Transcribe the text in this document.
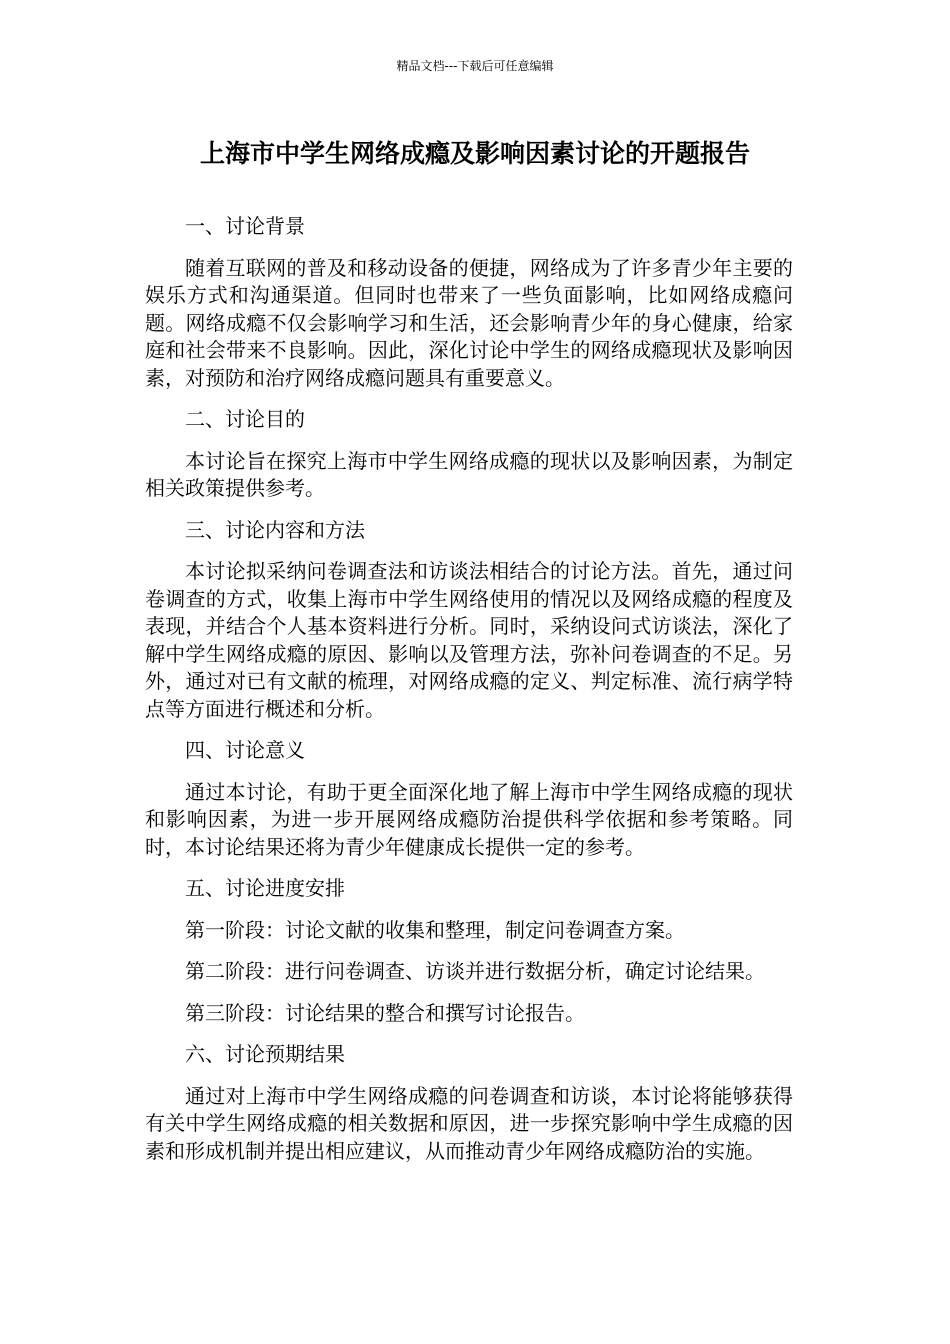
精品文档---下载后可任意编辑
上海市中学生网络成瘾及影响因素讨论的开题报告

一、讨论背景

随着互联网的普及和移动设备的便捷，网络成为了许多青少年主要的娱乐方式和沟通渠道。但同时也带来了一些负面影响，比如网络成瘾问题。网络成瘾不仅会影响学习和生活，还会影响青少年的身心健康，给家庭和社会带来不良影响。因此，深化讨论中学生的网络成瘾现状及影响因素，对预防和治疗网络成瘾问题具有重要意义。

二、讨论目的

本讨论旨在探究上海市中学生网络成瘾的现状以及影响因素，为制定相关政策提供参考。

三、讨论内容和方法

本讨论拟采纳问卷调查法和访谈法相结合的讨论方法。首先，通过问卷调查的方式，收集上海市中学生网络使用的情况以及网络成瘾的程度及表现，并结合个人基本资料进行分析。同时，采纳设问式访谈法，深化了解中学生网络成瘾的原因、影响以及管理方法，弥补问卷调查的不足。另外，通过对已有文献的梳理，对网络成瘾的定义、判定标准、流行病学特点等方面进行概述和分析。

四、讨论意义

通过本讨论，有助于更全面深化地了解上海市中学生网络成瘾的现状和影响因素，为进一步开展网络成瘾防治提供科学依据和参考策略。同时，本讨论结果还将为青少年健康成长提供一定的参考。

五、讨论进度安排

第一阶段：讨论文献的收集和整理，制定问卷调查方案。

第二阶段：进行问卷调查、访谈并进行数据分析，确定讨论结果。

第三阶段：讨论结果的整合和撰写讨论报告。

六、讨论预期结果

通过对上海市中学生网络成瘾的问卷调查和访谈，本讨论将能够获得有关中学生网络成瘾的相关数据和原因，进一步探究影响中学生成瘾的因素和形成机制并提出相应建议，从而推动青少年网络成瘾防治的实施。
